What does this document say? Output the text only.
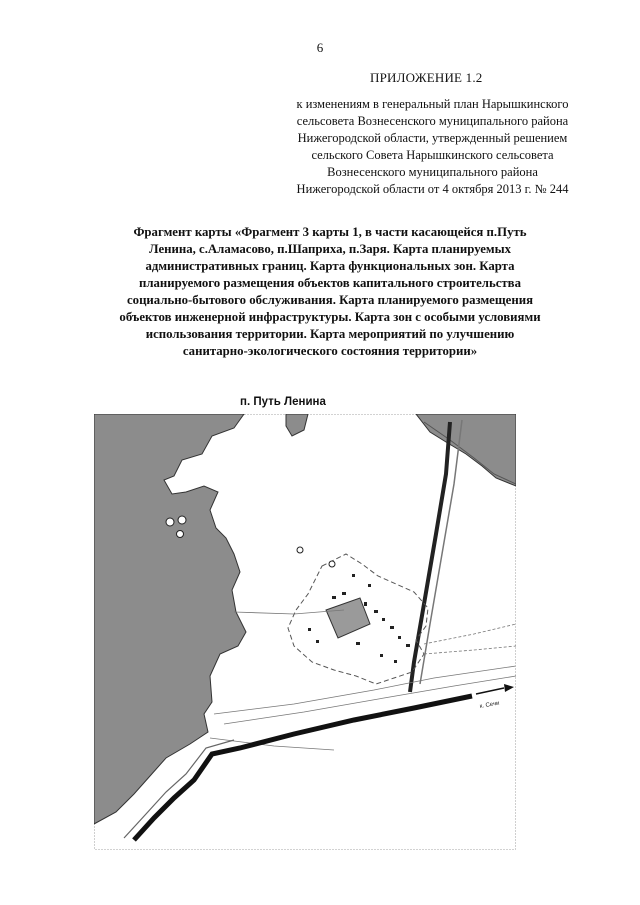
6
ПРИЛОЖЕНИЕ 1.2
к изменениям в генеральный план Нарышкинского
сельсовета Вознесенского муниципального района
Нижегородской области, утвержденный решением
сельского Совета Нарышкинского сельсовета
Вознесенского муниципального района
Нижегородской области от 4 октября 2013 г. № 244
Фрагмент карты «Фрагмент 3 карты 1, в части касающейся п.Путь
Ленина, с.Аламасово, п.Шаприха, п.Заря. Карта планируемых
административных границ. Карта функциональных зон. Карта
планируемого размещения объектов капитального строительства
социально-бытового обслуживания. Карта планируемого размещения
объектов инженерной инфраструктуры. Карта зон с особыми условиями
использования территории. Карта мероприятий по улучшению
санитарно-экологического состояния территории»
п. Путь Ленина
к. Сечи
